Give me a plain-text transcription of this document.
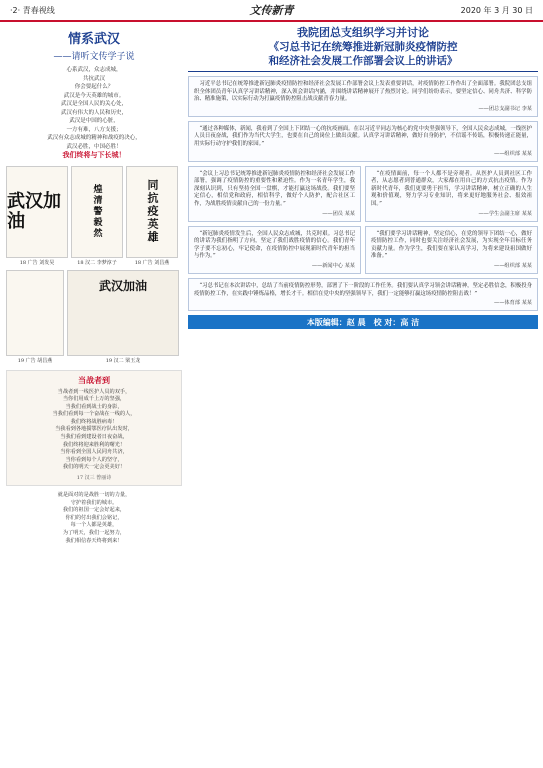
·2· 青春视线	文传新青	2020 年 3 月 30 日
情系武汉
——请听文传学子说
心系武汉，众志成城，
共抗武汉
你会要起什么？
武汉是今天英雄的城市。
武汉是全国人民的关心处，
武汉有伟大的人民和历史，
武汉是中国的心脏，
一方有难，八方支援；
武汉有众志成城的精神和战疫的决心，
武汉必胜，中国必胜！
我们终将与下长城！
武汉加油
18 广告 刘发昊
煌清警毅然
18 汉二 李梦淳子
同抗疫英雄
18 广告 刘昌燕
19 广告 胡昌燕
武汉加油
19 汉二 梁玉龙
当战者到
当战者到一线医护人员的双手，
当你们用成千上万的坚强，
当我们看到战士的身影，
当我们看到每一个奋战在一线的人，
我们终将战胜病毒！
当我看到各地援鄂医疗队出发时，
当我们看到建设者日夜奋战，
我们终将迎来胜利的曙光！
当你看到全国人民同舟共济，
当你看到每个人的坚守，
我们的明天一定会更美好！
17 汉三 曾丽诗
就是面对的是战胜一切的力量，
守护着我们的城市。
我们的祖国一定会好起来，
你们的付出我们会铭记，
每一个人都是英雄，
为了明天，我们一起努力，
我们相信春天终将到来！
我院团总支组织学习并讨论
《习总书记在统筹推进新冠肺炎疫情防控
和经济社会发展工作部署会议上的讲话》
习近平总书记在统筹推进新冠肺炎疫情防控和经济社会发展工作部署会议上发表重要讲话，对疫情防控工作作出了全面部署。我院团总支组织全体团员青年认真学习讲话精神，深入领会讲话内涵，并围绕讲话精神展开了热烈讨论。同学们纷纷表示，要坚定信心、同舟共济、科学防治、精准施策，以实际行动为打赢疫情防控阻击战贡献青春力量。
——团总支副书记 李某
“通过各种媒体，新闻，我看到了全国上下团结一心的抗疫画面。在以习近平同志为核心的党中央坚强领导下，全国人民众志成城，一线医护人员日夜奋战，我们作为当代大学生，也要在自己的岗位上做出贡献。认真学习讲话精神，做好自身防护，不信谣不传谣，积极传递正能量，用实际行动守护我们的家园。”
——组织部 某某
“会议上习总书记统筹推进新冠肺炎疫情防控和经济社会发展工作部署，强调了疫情防控的重要性和紧迫性。作为一名青年学生，我深刻认识到，只有坚持全国一盘棋，才能打赢这场战役。我们要坚定信心，相信党和政府，相信科学，做好个人防护，配合社区工作，为战胜疫情贡献自己的一份力量。”
——团员 某某
“在疫情面前，每一个人都不是旁观者。从医护人员到社区工作者，从志愿者到普通群众，大家都在用自己的方式抗击疫情。作为新时代青年，我们更要勇于担当，学习讲话精神，树立正确的人生观和价值观，努力学习专业知识，将来更好地服务社会、报效祖国。”
——学生会副主席 某某
“新冠肺炎疫情发生后，全国人民众志成城，共克时艰。习总书记的讲话为我们指明了方向，坚定了我们战胜疫情的信心。我们青年学子要不忘初心，牢记使命，在疫情防控中展现新时代青年的担当与作为。”
——新闻中心 某某
“我们要学习讲话精神，坚定信心，在党的领导下团结一心，做好疫情防控工作，同时也要关注经济社会发展，为实现全年目标任务贡献力量。作为学生，我们要在家认真学习，为将来建设祖国做好准备。”
——组织部 某某
“习总书记在本次讲话中，总结了当前疫情防控形势，部署了下一阶段的工作任务。我们要认真学习领会讲话精神，坚定必胜信念，积极投身疫情防控工作，在实践中锤炼品格，增长才干。相信在党中央的坚强领导下，我们一定能够打赢这场疫情防控阻击战！”
——体育部 某某
本版编辑：赵 晨　校 对：高 洁
